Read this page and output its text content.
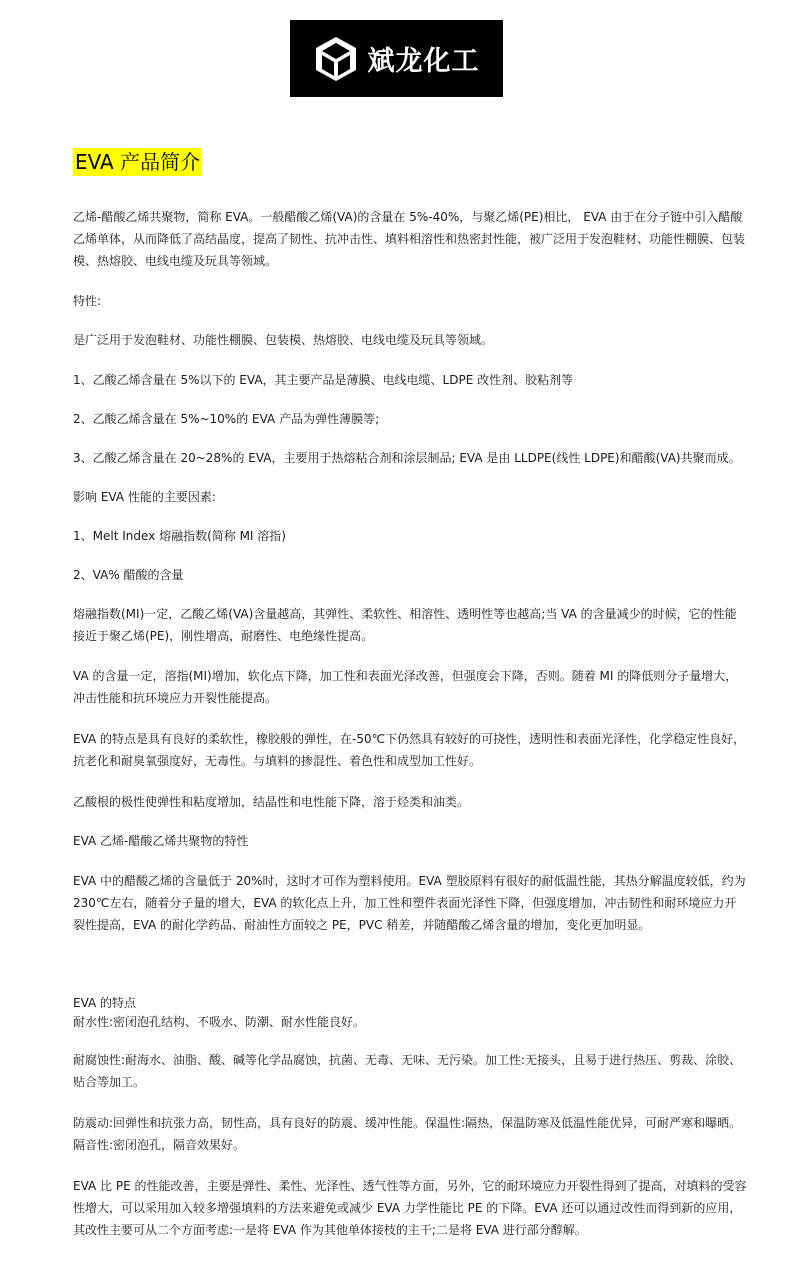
斌龙化工
EVA 产品简介

乙烯-醋酸乙烯共聚物，简称 EVA。一般醋酸乙烯(VA)的含量在 5%-40%，与聚乙烯(PE)相比， EVA 由于在分子链中引入醋酸乙烯单体，从而降低了高结晶度，提高了韧性、抗冲击性、填料相溶性和热密封性能，被广泛用于发泡鞋材、功能性棚膜、包装模、热熔胶、电线电缆及玩具等领域。

特性:

是广泛用于发泡鞋材、功能性棚膜、包装模、热熔胶、电线电缆及玩具等领域。

1、乙酸乙烯含量在 5%以下的 EVA，其主要产品是薄膜、电线电缆、LDPE 改性剂、胶粘剂等

2、乙酸乙烯含量在 5%~10%的 EVA 产品为弹性薄膜等;

3、乙酸乙烯含量在 20~28%的 EVA，主要用于热熔粘合剂和涂层制品; EVA 是由 LLDPE(线性 LDPE)和醋酸(VA)共聚而成。

影响 EVA 性能的主要因素:

1、Melt Index 熔融指数(简称 MI 溶指)

2、VA% 醋酸的含量

熔融指数(MI)一定，乙酸乙烯(VA)含量越高，其弹性、柔软性、相溶性、透明性等也越高;当 VA 的含量减少的时候，它的性能接近于聚乙烯(PE)，刚性增高，耐磨性、电绝缘性提高。

VA 的含量一定，溶指(MI)增加，软化点下降，加工性和表面光泽改善，但强度会下降，否则。随着 MI 的降低则分子量增大，冲击性能和抗环境应力开裂性能提高。

EVA 的特点是具有良好的柔软性，橡胶般的弹性，在-50℃下仍然具有较好的可挠性，透明性和表面光泽性，化学稳定性良好，抗老化和耐臭氧强度好，无毒性。与填料的掺混性、着色性和成型加工性好。

乙酸根的极性使弹性和粘度增加，结晶性和电性能下降，溶于烃类和油类。

EVA 乙烯-醋酸乙烯共聚物的特性

EVA 中的醋酸乙烯的含量低于 20%时，这时才可作为塑料使用。EVA 塑胶原料有很好的耐低温性能，其热分解温度较低，约为230℃左右，随着分子量的增大，EVA 的软化点上升，加工性和塑件表面光泽性下降，但强度增加，冲击韧性和耐环境应力开裂性提高，EVA 的耐化学药品、耐油性方面较之 PE，PVC 稍差，并随醋酸乙烯含量的增加，变化更加明显。

EVA 的特点

耐水性:密闭泡孔结构、不吸水、防潮、耐水性能良好。

耐腐蚀性:耐海水、油脂、酸、碱等化学品腐蚀，抗菌、无毒、无味、无污染。加工性:无接头，且易于进行热压、剪裁、涂胶、贴合等加工。

防震动:回弹性和抗张力高，韧性高，具有良好的防震、缓冲性能。保温性:隔热，保温防寒及低温性能优异，可耐严寒和曝晒。隔音性:密闭泡孔，隔音效果好。

EVA 比 PE 的性能改善，主要是弹性、柔性、光泽性、透气性等方面，另外，它的耐环境应力开裂性得到了提高，对填料的受容性增大，可以采用加入较多增强填料的方法来避免或减少 EVA 力学性能比 PE 的下降。EVA 还可以通过改性而得到新的应用，其改性主要可从二个方面考虑:一是将 EVA 作为其他单体接枝的主干;二是将 EVA 进行部分醇解。
